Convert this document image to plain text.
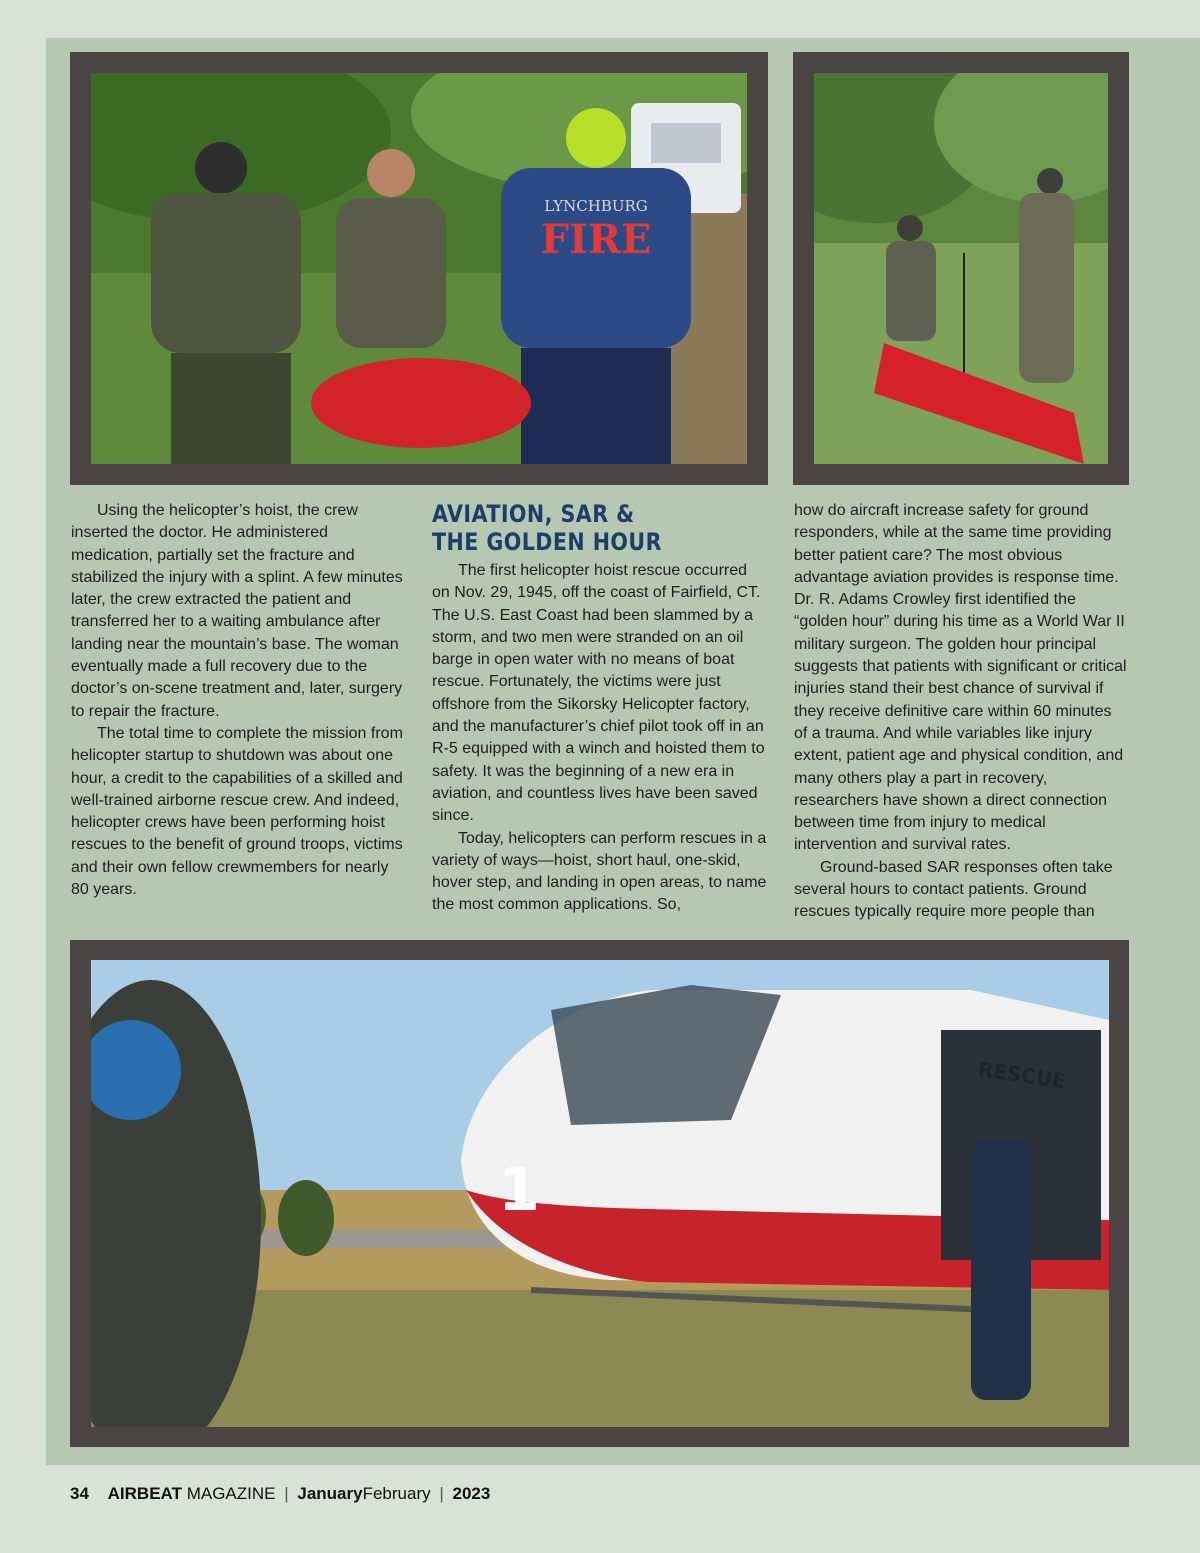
LYNCHBURG
FIRE

Using the helicopter’s hoist, the crew inserted the doctor. He administered medication, partially set the fracture and stabilized the injury with a splint. A few minutes later, the crew extracted the patient and transferred her to a waiting ambulance after landing near the mountain’s base. The woman eventually made a full recovery due to the doctor’s on-scene treatment and, later, surgery to repair the fracture.

The total time to complete the mission from helicopter startup to shutdown was about one hour, a credit to the capabilities of a skilled and well-trained airborne rescue crew. And indeed, helicopter crews have been performing hoist rescues to the benefit of ground troops, victims and their own fellow crewmembers for nearly 80 years.

AVIATION, SAR &
THE GOLDEN HOUR

The first helicopter hoist rescue occurred on Nov. 29, 1945, off the coast of Fairfield, CT. The U.S. East Coast had been slammed by a storm, and two men were stranded on an oil barge in open water with no means of boat rescue. Fortunately, the victims were just offshore from the Sikorsky Helicopter factory, and the manufacturer’s chief pilot took off in an R-5 equipped with a winch and hoisted them to safety. It was the beginning of a new era in aviation, and countless lives have been saved since.

Today, helicopters can perform rescues in a variety of ways—hoist, short haul, one-skid, hover step, and landing in open areas, to name the most common applications. So,

how do aircraft increase safety for ground responders, while at the same time providing better patient care? The most obvious advantage aviation provides is response time. Dr. R. Adams Crowley first identified the “golden hour” during his time as a World War II military surgeon. The golden hour principal suggests that patients with significant or critical injuries stand their best chance of survival if they receive definitive care within 60 minutes of a trauma. And while variables like injury extent, patient age and physical condition, and many others play a part in recovery, researchers have shown a direct connection between time from injury to medical intervention and survival rates.

Ground-based SAR responses often take several hours to contact patients. Ground rescues typically require more people than

RESCUE
1
34 AIRBEAT MAGAZINE | JanuaryFebruary | 2023
